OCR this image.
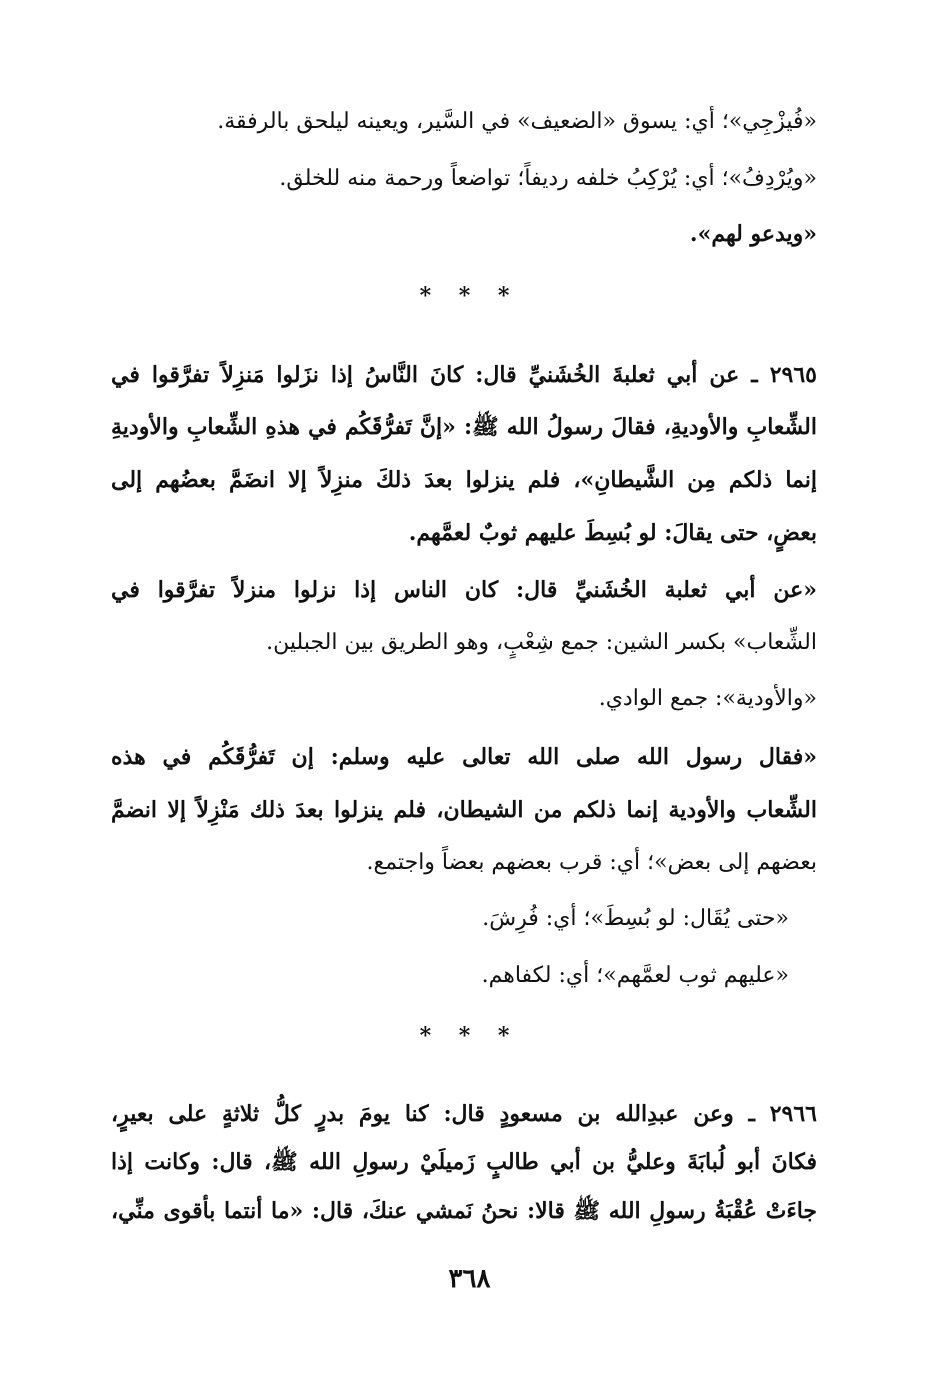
«فُيزْجِي»؛ أي: يسوق «الضعيف» في السَّير، ويعينه ليلحق بالرفقة.
«ويُرْدِفُ»؛ أي: يُرْكِبُ خلفه رديفاً؛ تواضعاً ورحمة منه للخلق.
«ويدعو لهم».
* * *
٢٩٦٥ ـ عن أبي ثعلبةَ الخُشَنيِّ قال: كانَ النَّاسُ إذا نزَلوا مَنزِلاً تفرَّقوا في
الشِّعابِ والأوديةِ، فقالَ رسولُ الله ﷺ: «إنَّ تَفرُّقَكُم في هذهِ الشِّعابِ والأوديةِ
إنما ذلكم مِن الشَّيطانِ»، فلم ينزلوا بعدَ ذلكَ منزِلاً إلا انضَمَّ بعضُهم إلى
بعضٍ، حتى يقالَ: لو بُسِطَ عليهم ثوبٌ لعمَّهم.
«عن أبي ثعلبة الخُشَنيِّ قال: كان الناس إذا نزلوا منزلاً تفرَّقوا في
الشِّعاب» بكسر الشين: جمع شِعْبٍ، وهو الطريق بين الجبلين.
«والأودية»: جمع الوادي.
«فقال رسول الله صلى الله تعالى عليه وسلم: إن تَفرُّقَكُم في هذه
الشِّعاب والأودية إنما ذلكم من الشيطان، فلم ينزلوا بعدَ ذلك مَنْزِلاً إلا انضمَّ
بعضهم إلى بعض»؛ أي: قرب بعضهم بعضاً واجتمع.
«حتى يُقَال: لو بُسِطَ»؛ أي: فُرِشَ.
«عليهم ثوب لعمَّهم»؛ أي: لكفاهم.
* * *
٢٩٦٦ ـ وعن عبدِالله بن مسعودٍ قال: كنا يومَ بدرٍ كلُّ ثلاثةٍ على بعيرٍ،
فكانَ أبو لُبابَةَ وعليُّ بن أبي طالبٍ زَميلَيْ رسولِ الله ﷺ، قال: وكانت إذا
جاءَتْ عُقْبَةُ رسولِ الله ﷺ قالا: نحنُ نَمشي عنكَ، قال: «ما أنتما بأقوى منِّي،
٣٦٨
